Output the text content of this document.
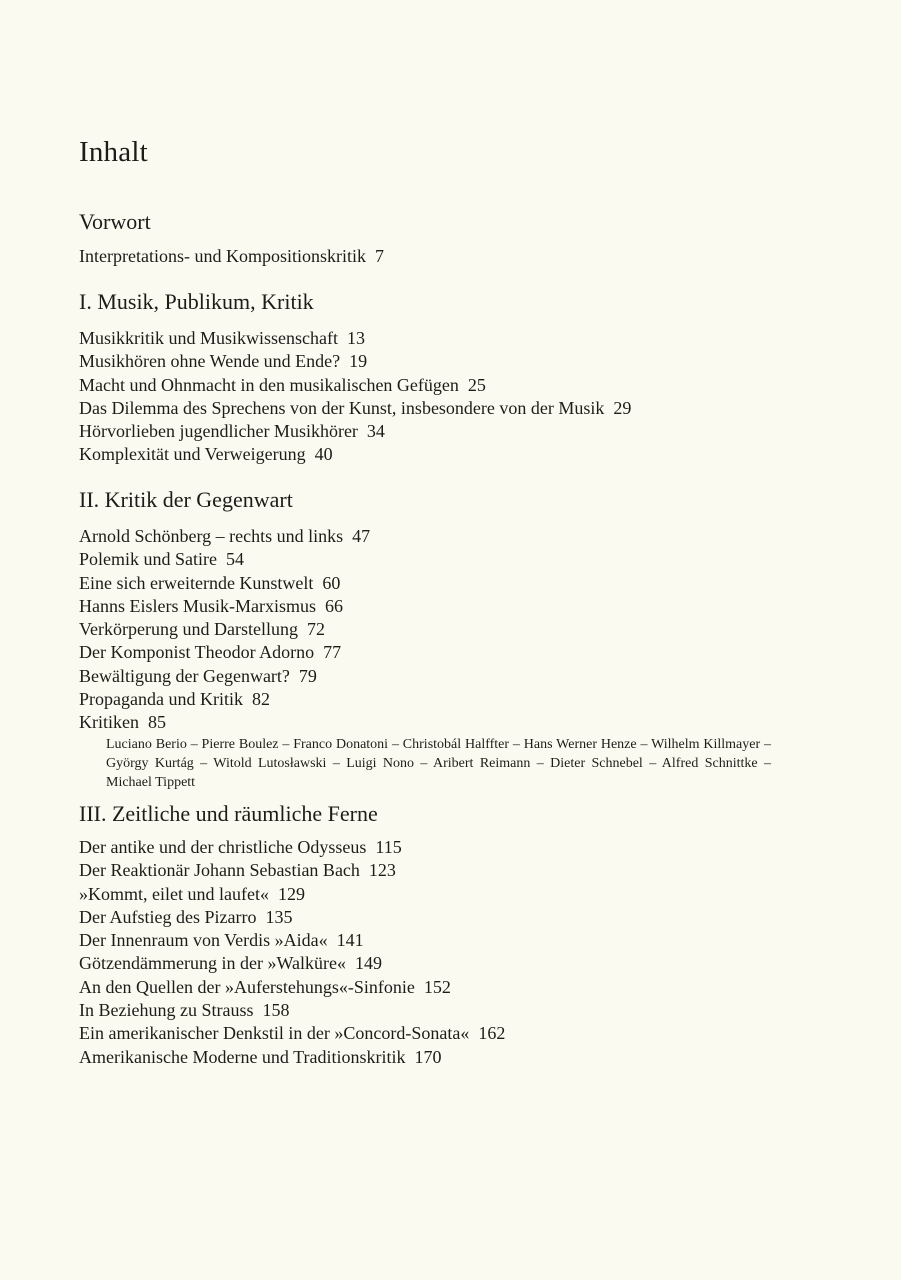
Inhalt
Vorwort
Interpretations- und Kompositionskritik 7
I. Musik, Publikum, Kritik
Musikkritik und Musikwissenschaft 13
Musikhören ohne Wende und Ende? 19
Macht und Ohnmacht in den musikalischen Gefügen 25
Das Dilemma des Sprechens von der Kunst, insbesondere von der Musik 29
Hörvorlieben jugendlicher Musikhörer 34
Komplexität und Verweigerung 40
II. Kritik der Gegenwart
Arnold Schönberg – rechts und links 47
Polemik und Satire 54
Eine sich erweiternde Kunstwelt 60
Hanns Eislers Musik-Marxismus 66
Verkörperung und Darstellung 72
Der Komponist Theodor Adorno 77
Bewältigung der Gegenwart? 79
Propaganda und Kritik 82
Kritiken 85

Luciano Berio – Pierre Boulez – Franco Donatoni – Christobál Halffter – Hans Werner Henze – Wilhelm Killmayer – György Kurtág – Witold Lutosławski – Luigi Nono – Aribert Reimann – Dieter Schnebel – Alfred Schnittke – Michael Tippett

III. Zeitliche und räumliche Ferne
Der antike und der christliche Odysseus 115
Der Reaktionär Johann Sebastian Bach 123
»Kommt, eilet und laufet« 129
Der Aufstieg des Pizarro 135
Der Innenraum von Verdis »Aida« 141
Götzendämmerung in der »Walküre« 149
An den Quellen der »Auferstehungs«-Sinfonie 152
In Beziehung zu Strauss 158
Ein amerikanischer Denkstil in der »Concord-Sonata« 162
Amerikanische Moderne und Traditionskritik 170
